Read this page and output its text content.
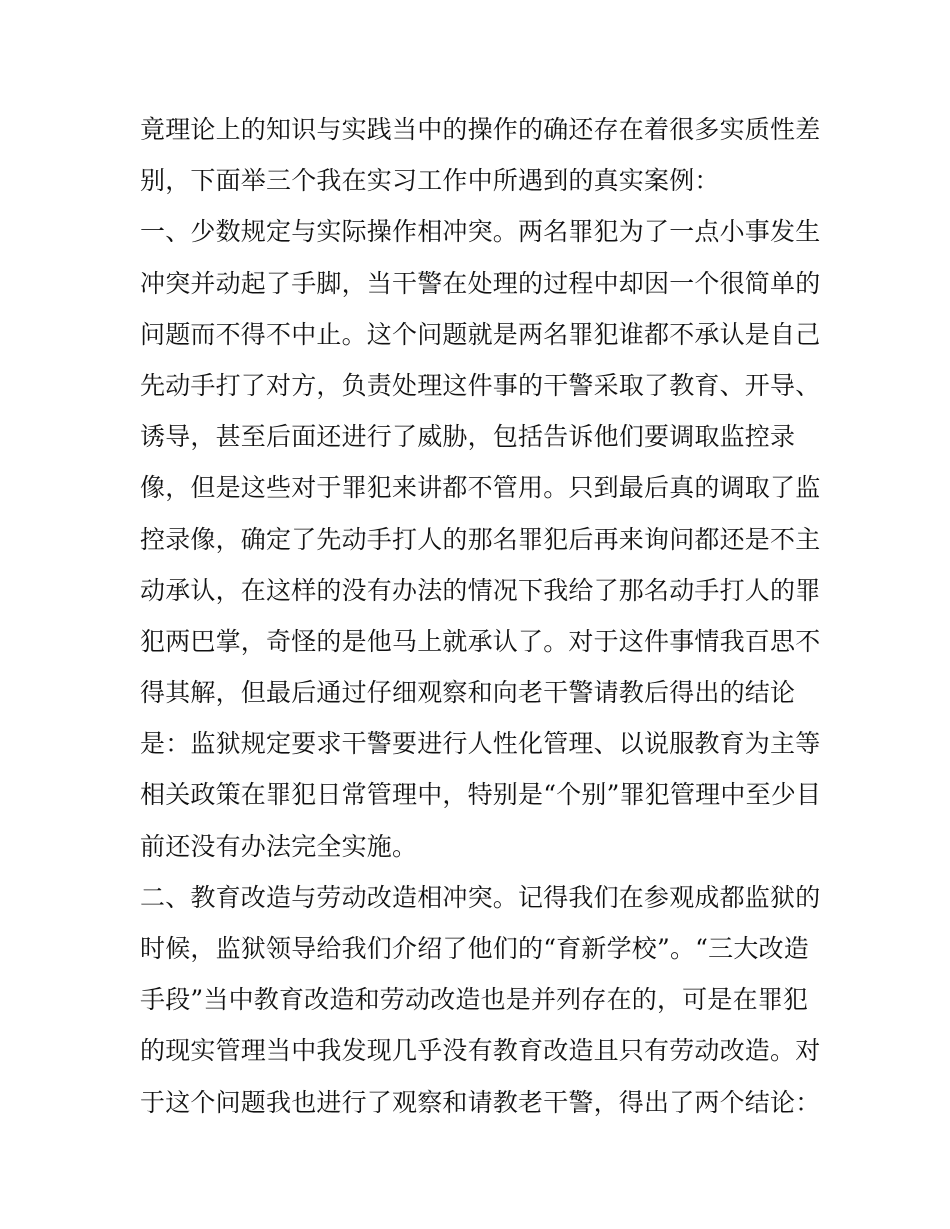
竟理论上的知识与实践当中的操作的确还存在着很多实质性差
别，下面举三个我在实习工作中所遇到的真实案例：
一、少数规定与实际操作相冲突。两名罪犯为了一点小事发生
冲突并动起了手脚，当干警在处理的过程中却因一个很简单的
问题而不得不中止。这个问题就是两名罪犯谁都不承认是自己
先动手打了对方，负责处理这件事的干警采取了教育、开导、
诱导，甚至后面还进行了威胁，包括告诉他们要调取监控录
像，但是这些对于罪犯来讲都不管用。只到最后真的调取了监
控录像，确定了先动手打人的那名罪犯后再来询问都还是不主
动承认，在这样的没有办法的情况下我给了那名动手打人的罪
犯两巴掌，奇怪的是他马上就承认了。对于这件事情我百思不
得其解，但最后通过仔细观察和向老干警请教后得出的结论
是：监狱规定要求干警要进行人性化管理、以说服教育为主等
相关政策在罪犯日常管理中，特别是“个别”罪犯管理中至少目
前还没有办法完全实施。
二、教育改造与劳动改造相冲突。记得我们在参观成都监狱的
时候，监狱领导给我们介绍了他们的“育新学校”。“三大改造
手段”当中教育改造和劳动改造也是并列存在的，可是在罪犯
的现实管理当中我发现几乎没有教育改造且只有劳动改造。对
于这个问题我也进行了观察和请教老干警，得出了两个结论：
